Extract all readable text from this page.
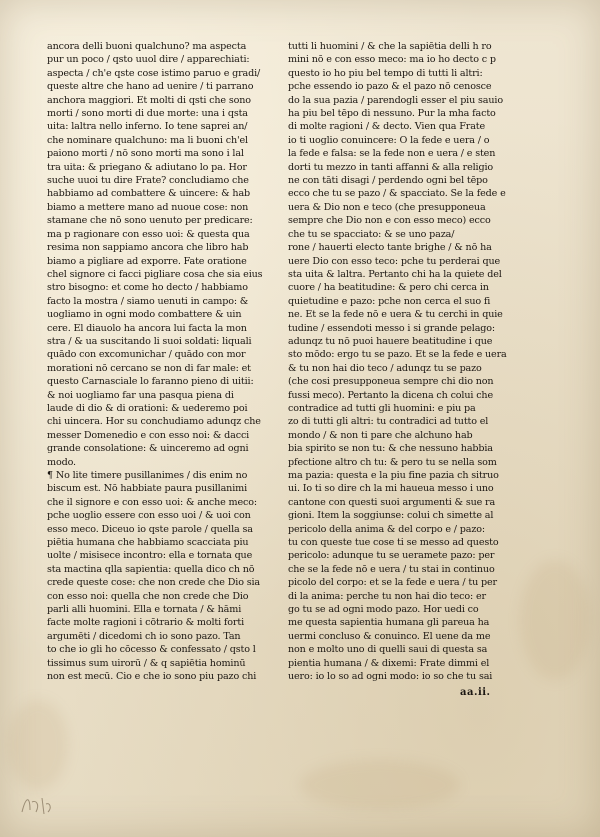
ancora delli buoni qualchuno? ma aspecta
pur un poco / qsto uuol dire / apparechiati:
aspecta / ch'e qste cose istimo paruo e gradi/
queste altre che hano ad uenire / ti parrano
anchora maggiori. Et molti di qsti che sono
morti / sono morti di due morte: una i qsta
uita: laltra nello inferno. Io tene saprei an/
che nominare qualchuno: ma li buoni ch'el
paiono morti / nō sono morti ma sono i lal
tra uita: & priegano & adiutano lo pa. Hor
suche uuoi tu dire Frate? concludiamo che
habbiamo ad combattere & uincere: & hab
biamo a mettere mano ad nuoue cose: non
stamane che nō sono uenuto per predicare:
ma p ragionare con esso uoi: & questa qua
resima non sappiamo ancora che libro hab
biamo a pigliare ad exporre. Fate oratione
chel signore ci facci pigliare cosa che sia eius
stro bisogno: et come ho decto / habbiamo
facto la mostra / siamo uenuti in campo: &
uogliamo in ogni modo combattere & uin
cere. El diauolo ha ancora lui facta la mon
stra / & ua suscitando li suoi soldati: liquali
quādo con excomunichar / quādo con mor
morationi nō cercano se non di far male: et
questo Carnasciale lo faranno pieno di uitii:
& noi uogliamo far una pasqua piena di
laude di dio & di orationi: & uederemo poi
chi uincera. Hor su conchudiamo adunqz che
messer Domenedio e con esso noi: & dacci
grande consolatione: & uinceremo ad ogni
modo.
¶ No lite timere pusillanimes / dis enim no
biscum est. Nō habbiate paura pusillanimi
che il signore e con esso uoi: & anche meco:
pche uoglio essere con esso uoi / & uoi con
esso meco. Diceuo io qste parole / quella sa
piētia humana che habbiamo scacciata piu
uolte / misisece incontro: ella e tornata que
sta mactina qlla sapientia: quella dico ch nō
crede queste cose: che non crede che Dio sia
con esso noi: quella che non crede che Dio
parli alli huomini. Ella e tornata / & hāmi
facte molte ragioni i cōtrario & molti forti
argumēti / dicedomi ch io sono pazo. Tan
to che io gli ho cōcesso & confessato / qsto l
tissimus sum uirorū / & q sapiētia hominū
non est mecū. Cio e che io sono piu pazo chi
tutti li huomini / & che la sapiētia delli h ro
mini nō e con esso meco: ma io ho decto c p
questo io ho piu bel tempo di tutti li altri:
pche essendo io pazo & el pazo nō cenosce
do la sua pazia / parendogli esser el piu sauio
ha piu bel tēpo di nessuno. Pur la mha facto
di molte ragioni / & decto. Vien qua Frate
io ti uoglio conuincere: O la fede e uera / o
la fede e falsa: se la fede non e uera / e sten
dorti tu mezzo in tanti affanni & alla religio
ne con tāti disagi / perdendo ogni bel tēpo
ecco che tu se pazo / & spacciato. Se la fede e
uera & Dio non e teco (che presupponeua
sempre che Dio non e con esso meco) ecco
che tu se spacciato: & se uno paza/
rone / hauerti electo tante brighe / & nō ha
uere Dio con esso teco: pche tu perderai que
sta uita & laltra. Pertanto chi ha la quiete del
cuore / ha beatitudine: & pero chi cerca in
quietudine e pazo: pche non cerca el suo fi
ne. Et se la fede nō e uera & tu cerchi in quie
tudine / essendoti messo i si grande pelago:
adunqz tu nō puoi hauere beatitudine i que
sto mōdo: ergo tu se pazo. Et se la fede e uera
& tu non hai dio teco / adunqz tu se pazo
(che cosi presupponeua sempre chi dio non
fussi meco). Pertanto la dicena ch colui che
contradice ad tutti gli huomini: e piu pa
zo di tutti gli altri: tu contradici ad tutto el
mondo / & non ti pare che alchuno hab
bia spirito se non tu: & che nessuno habbia
pfectione altro ch tu: & pero tu se nella som
ma pazia: questa e la piu fine pazia ch sitruo
ui. Io ti so dire ch la mi haueua messo i uno
cantone con questi suoi argumenti & sue ra
gioni. Item la soggiunse: colui ch simette al
pericolo della anima & del corpo e / pazo:
tu con queste tue cose ti se messo ad questo
pericolo: adunque tu se ueramete pazo: per
che se la fede nō e uera / tu stai in continuo
picolo del corpo: et se la fede e uera / tu per
di la anima: perche tu non hai dio teco: er
go tu se ad ogni modo pazo. Hor uedi co
me questa sapientia humana gli pareua ha
uermi concluso & conuinco. El uene da me
non e molto uno di quelli saui di questa sa
pientia humana / & dixemi: Frate dimmi el
uero: io lo so ad ogni modo: io so che tu sai
aa.ii.
